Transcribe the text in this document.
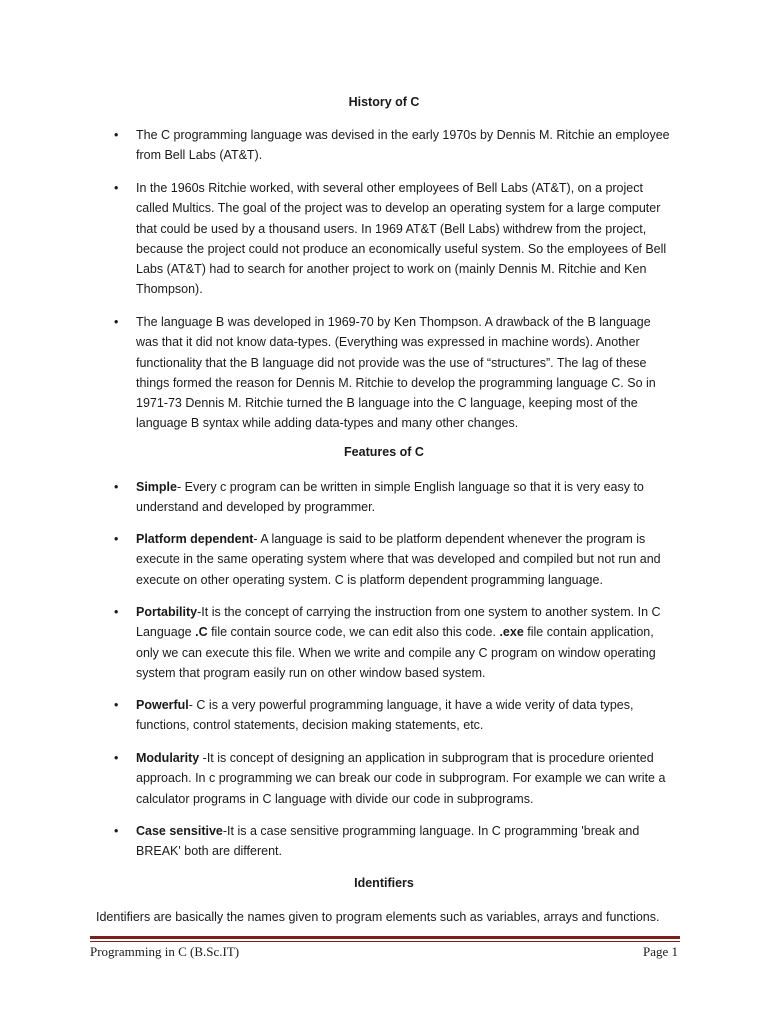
History of C
• The C programming language was devised in the early 1970s by Dennis M. Ritchie an employee from Bell Labs (AT&T).
• In the 1960s Ritchie worked, with several other employees of Bell Labs (AT&T), on a project called Multics. The goal of the project was to develop an operating system for a large computer that could be used by a thousand users. In 1969 AT&T (Bell Labs) withdrew from the project, because the project could not produce an economically useful system. So the employees of Bell Labs (AT&T) had to search for another project to work on (mainly Dennis M. Ritchie and Ken Thompson).
• The language B was developed in 1969-70 by Ken Thompson. A drawback of the B language was that it did not know data-types. (Everything was expressed in machine words). Another functionality that the B language did not provide was the use of “structures”. The lag of these things formed the reason for Dennis M. Ritchie to develop the programming language C. So in 1971-73 Dennis M. Ritchie turned the B language into the C language, keeping most of the language B syntax while adding data-types and many other changes.
Features of C
• Simple- Every c program can be written in simple English language so that it is very easy to understand and developed by programmer.
• Platform dependent- A language is said to be platform dependent whenever the program is execute in the same operating system where that was developed and compiled but not run and execute on other operating system. C is platform dependent programming language.
• Portability-It is the concept of carrying the instruction from one system to another system. In C Language .C file contain source code, we can edit also this code. .exe file contain application, only we can execute this file. When we write and compile any C program on window operating system that program easily run on other window based system.
• Powerful- C is a very powerful programming language, it have a wide verity of data types, functions, control statements, decision making statements, etc.
• Modularity -It is concept of designing an application in subprogram that is procedure oriented approach. In c programming we can break our code in subprogram. For example we can write a calculator programs in C language with divide our code in subprograms.
• Case sensitive-It is a case sensitive programming language. In C programming 'break and BREAK' both are different.
Identifiers
Identifiers are basically the names given to program elements such as variables, arrays and functions.
Programming in C (B.Sc.IT)	Page 1
